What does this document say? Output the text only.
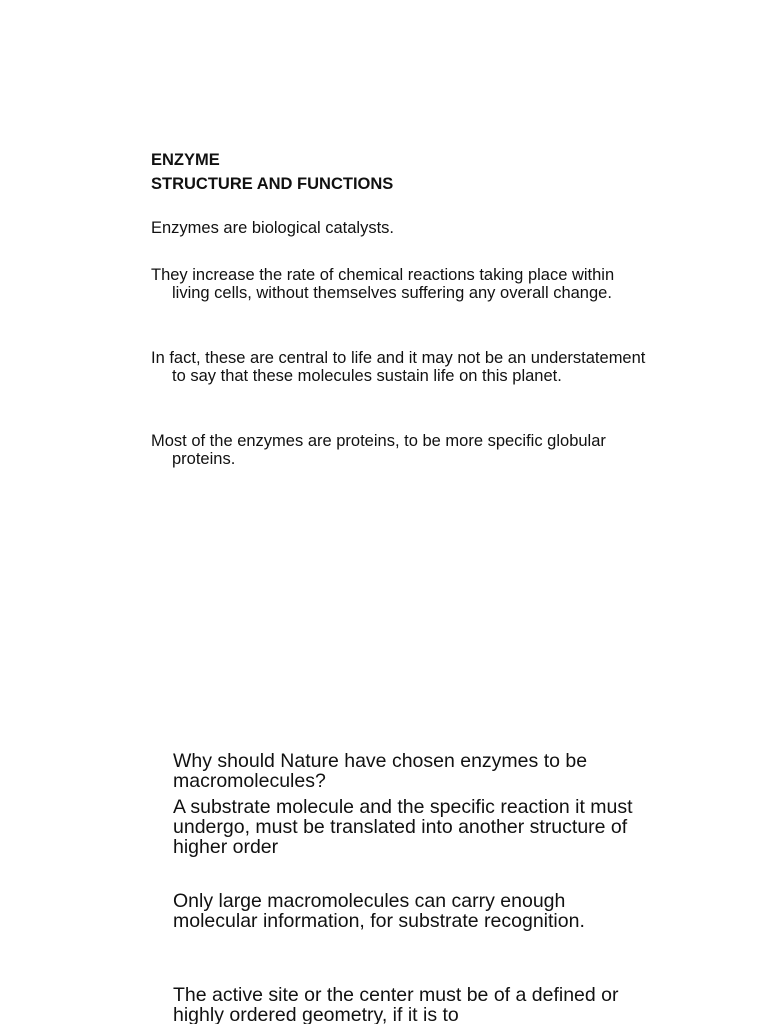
ENZYME
STRUCTURE AND FUNCTIONS

Enzymes are biological catalysts.

They increase the rate of chemical reactions taking place within living cells, without themselves suffering any overall change.

In fact, these are central to life and it may not be an understatement to say that these molecules sustain life on this planet.

Most of the enzymes are proteins, to be more specific globular proteins.

Why should Nature have chosen enzymes to be macromolecules?

A substrate molecule and the specific reaction it must undergo, must be translated into another structure of higher order

Only large macromolecules can carry enough molecular information, for substrate recognition.

The active site or the center must be of a defined or highly ordered geometry, if it is to
